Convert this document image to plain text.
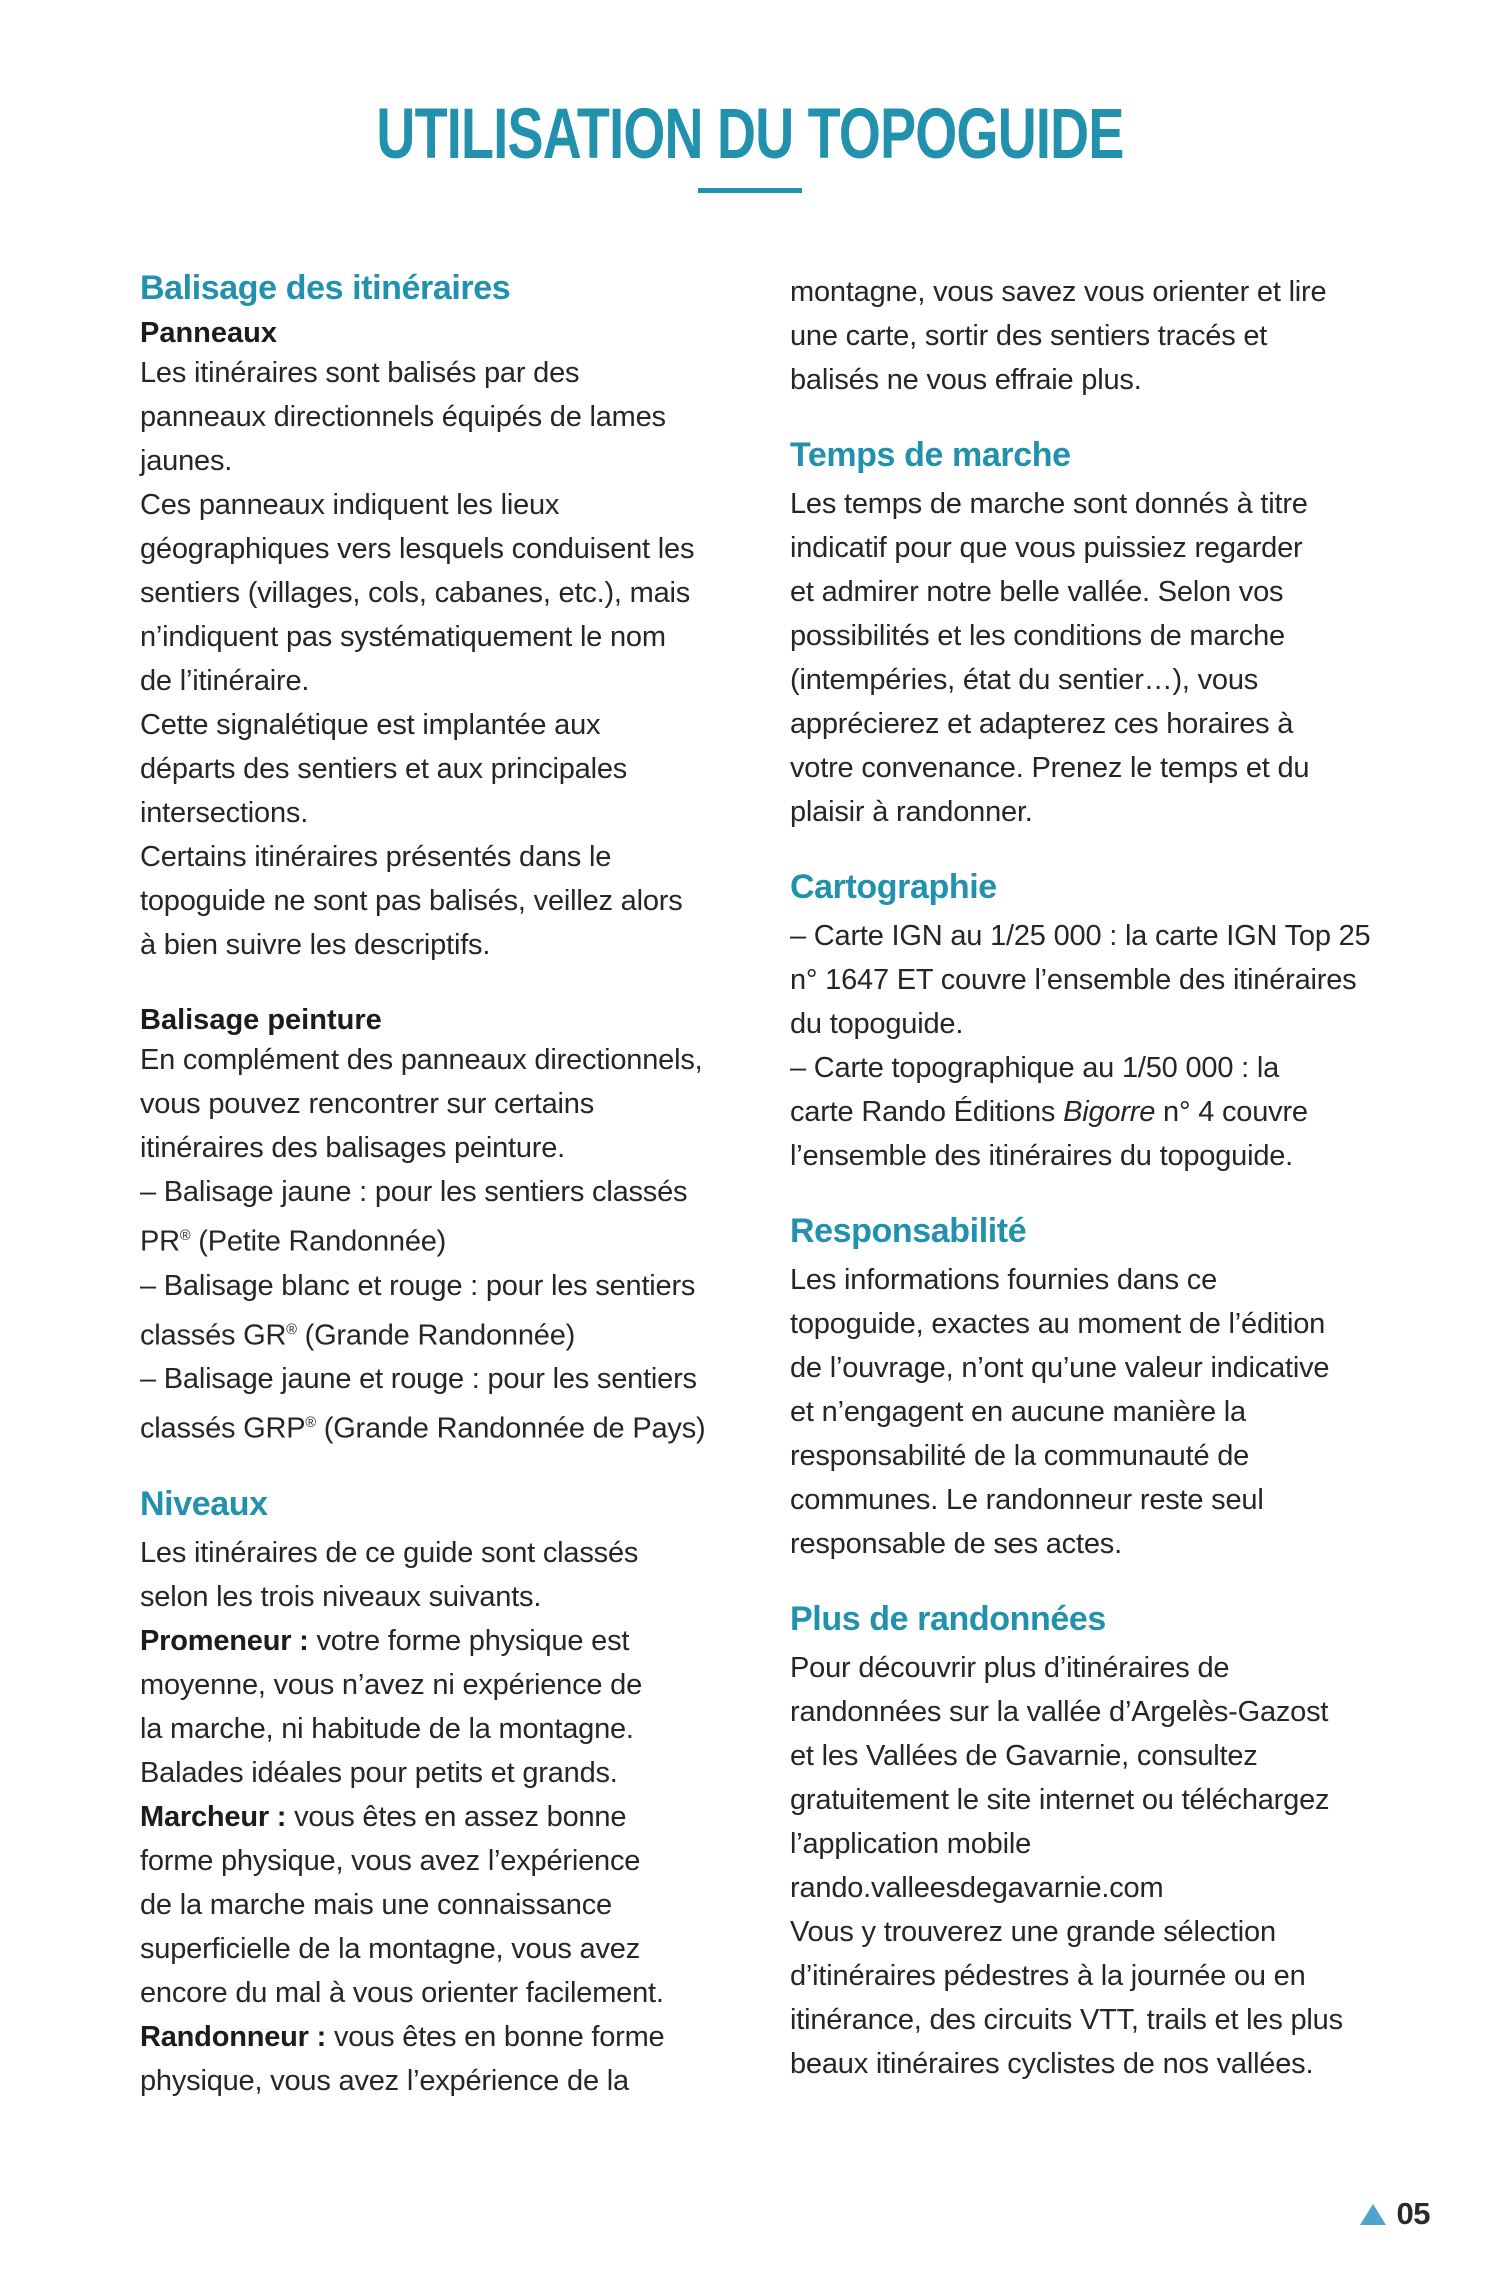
UTILISATION DU TOPOGUIDE
Balisage des itinéraires
Panneaux
Les itinéraires sont balisés par des
panneaux directionnels équipés de lames
jaunes.
Ces panneaux indiquent les lieux
géographiques vers lesquels conduisent les
sentiers (villages, cols, cabanes, etc.), mais
n’indiquent pas systématiquement le nom
de l’itinéraire.
Cette signalétique est implantée aux
départs des sentiers et aux principales
intersections.
Certains itinéraires présentés dans le
topoguide ne sont pas balisés, veillez alors
à bien suivre les descriptifs.
Balisage peinture
En complément des panneaux directionnels,
vous pouvez rencontrer sur certains
itinéraires des balisages peinture.
– Balisage jaune : pour les sentiers classés
PR® (Petite Randonnée)
– Balisage blanc et rouge : pour les sentiers
classés GR® (Grande Randonnée)
– Balisage jaune et rouge : pour les sentiers
classés GRP® (Grande Randonnée de Pays)
Niveaux
Les itinéraires de ce guide sont classés
selon les trois niveaux suivants.
Promeneur : votre forme physique est
moyenne, vous n’avez ni expérience de
la marche, ni habitude de la montagne.
Balades idéales pour petits et grands.
Marcheur : vous êtes en assez bonne
forme physique, vous avez l’expérience
de la marche mais une connaissance
superficielle de la montagne, vous avez
encore du mal à vous orienter facilement.
Randonneur : vous êtes en bonne forme
physique, vous avez l’expérience de la
montagne, vous savez vous orienter et lire
une carte, sortir des sentiers tracés et
balisés ne vous effraie plus.
Temps de marche
Les temps de marche sont donnés à titre
indicatif pour que vous puissiez regarder
et admirer notre belle vallée. Selon vos
possibilités et les conditions de marche
(intempéries, état du sentier…), vous
apprécierez et adapterez ces horaires à
votre convenance. Prenez le temps et du
plaisir à randonner.
Cartographie
– Carte IGN au 1/25 000 : la carte IGN Top 25
n° 1647 ET couvre l’ensemble des itinéraires
du topoguide.
– Carte topographique au 1/50 000 : la
carte Rando Éditions Bigorre n° 4 couvre
l’ensemble des itinéraires du topoguide.
Responsabilité
Les informations fournies dans ce
topoguide, exactes au moment de l’édition
de l’ouvrage, n’ont qu’une valeur indicative
et n’engagent en aucune manière la
responsabilité de la communauté de
communes. Le randonneur reste seul
responsable de ses actes.
Plus de randonnées
Pour découvrir plus d’itinéraires de
randonnées sur la vallée d’Argelès-Gazost
et les Vallées de Gavarnie, consultez
gratuitement le site internet ou téléchargez
l’application mobile
rando.valleesdegavarnie.com
Vous y trouverez une grande sélection
d’itinéraires pédestres à la journée ou en
itinérance, des circuits VTT, trails et les plus
beaux itinéraires cyclistes de nos vallées.
05
